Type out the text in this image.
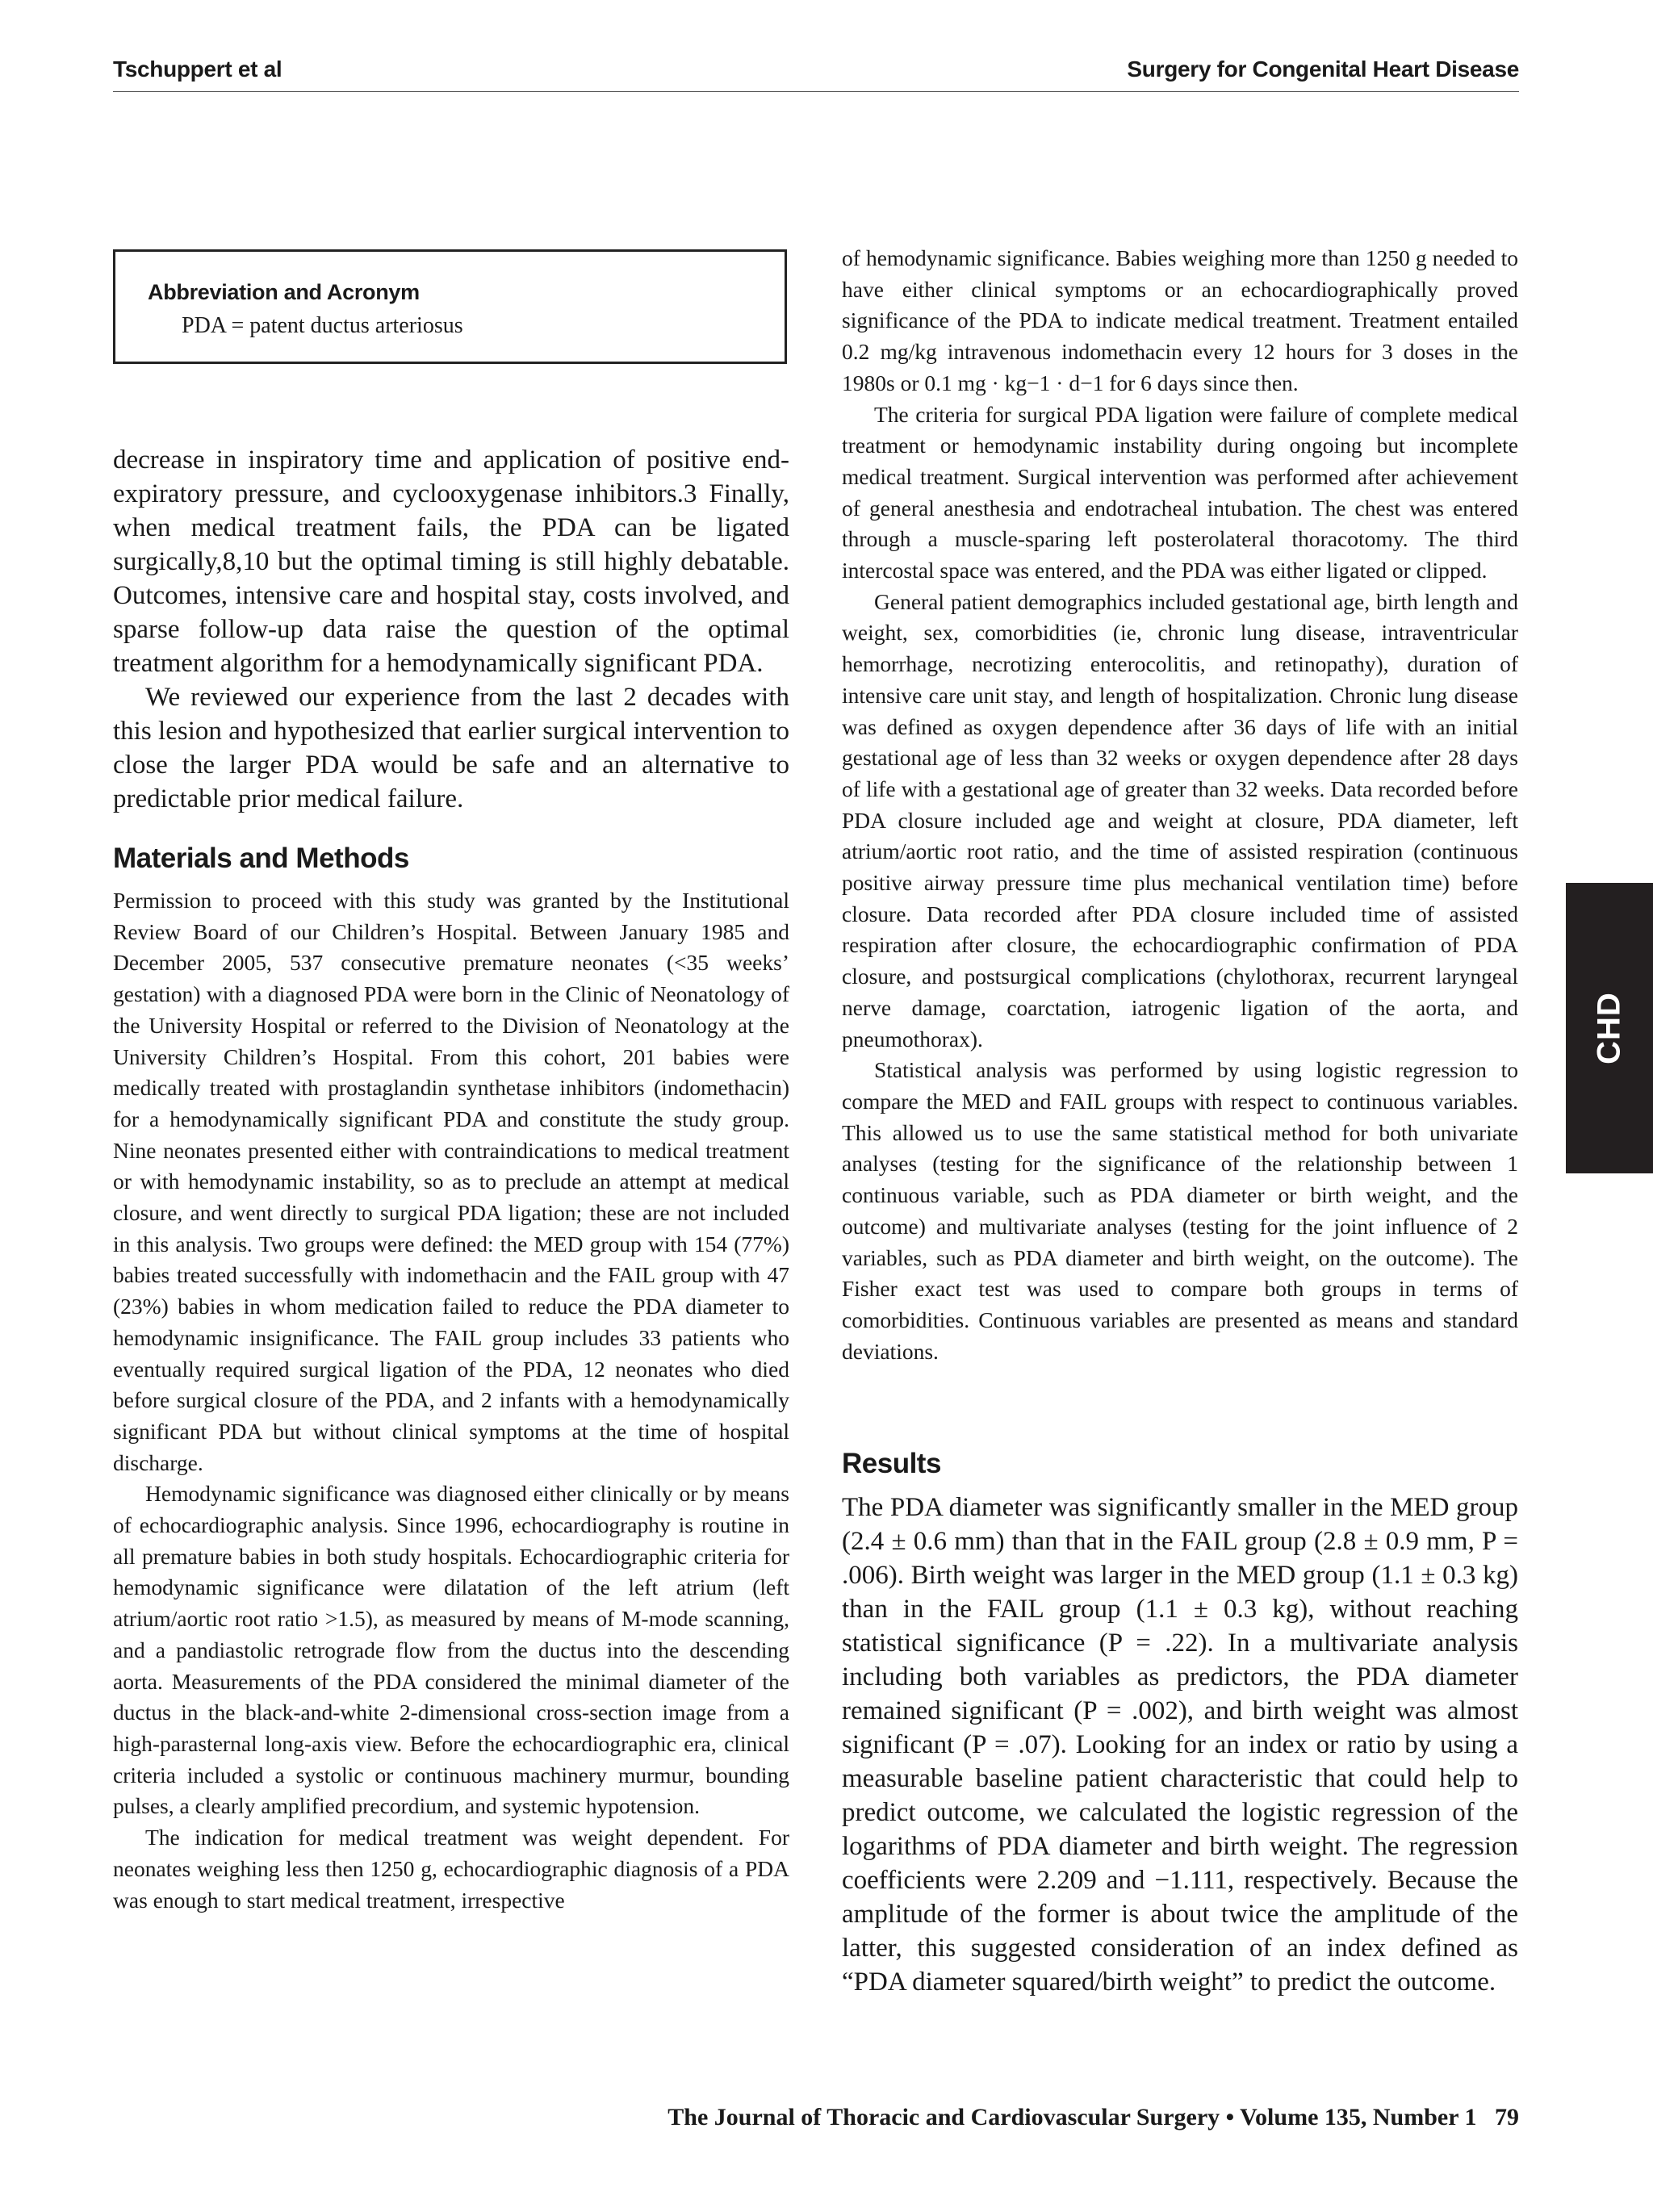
Tschuppert et al	Surgery for Congenital Heart Disease
Abbreviation and Acronym
PDA = patent ductus arteriosus

decrease in inspiratory time and application of positive end-expiratory pressure, and cyclooxygenase inhibitors.3 Finally, when medical treatment fails, the PDA can be ligated surgically,8,10 but the optimal timing is still highly debatable. Outcomes, intensive care and hospital stay, costs involved, and sparse follow-up data raise the question of the optimal treatment algorithm for a hemodynamically significant PDA.

We reviewed our experience from the last 2 decades with this lesion and hypothesized that earlier surgical intervention to close the larger PDA would be safe and an alternative to predictable prior medical failure.

Materials and Methods

Permission to proceed with this study was granted by the Institutional Review Board of our Children’s Hospital. Between January 1985 and December 2005, 537 consecutive premature neonates (<35 weeks’ gestation) with a diagnosed PDA were born in the Clinic of Neonatology of the University Hospital or referred to the Division of Neonatology at the University Children’s Hospital. From this cohort, 201 babies were medically treated with prostaglandin synthetase inhibitors (indomethacin) for a hemodynamically significant PDA and constitute the study group. Nine neonates presented either with contraindications to medical treatment or with hemodynamic instability, so as to preclude an attempt at medical closure, and went directly to surgical PDA ligation; these are not included in this analysis. Two groups were defined: the MED group with 154 (77%) babies treated successfully with indomethacin and the FAIL group with 47 (23%) babies in whom medication failed to reduce the PDA diameter to hemodynamic insignificance. The FAIL group includes 33 patients who eventually required surgical ligation of the PDA, 12 neonates who died before surgical closure of the PDA, and 2 infants with a hemodynamically significant PDA but without clinical symptoms at the time of hospital discharge.

Hemodynamic significance was diagnosed either clinically or by means of echocardiographic analysis. Since 1996, echocardiography is routine in all premature babies in both study hospitals. Echocardiographic criteria for hemodynamic significance were dilatation of the left atrium (left atrium/aortic root ratio >1.5), as measured by means of M-mode scanning, and a pandiastolic retrograde flow from the ductus into the descending aorta. Measurements of the PDA considered the minimal diameter of the ductus in the black-and-white 2-dimensional cross-section image from a high-parasternal long-axis view. Before the echocardiographic era, clinical criteria included a systolic or continuous machinery murmur, bounding pulses, a clearly amplified precordium, and systemic hypotension.

The indication for medical treatment was weight dependent. For neonates weighing less then 1250 g, echocardiographic diagnosis of a PDA was enough to start medical treatment, irrespective

of hemodynamic significance. Babies weighing more than 1250 g needed to have either clinical symptoms or an echocardiographically proved significance of the PDA to indicate medical treatment. Treatment entailed 0.2 mg/kg intravenous indomethacin every 12 hours for 3 doses in the 1980s or 0.1 mg · kg−1 · d−1 for 6 days since then.

The criteria for surgical PDA ligation were failure of complete medical treatment or hemodynamic instability during ongoing but incomplete medical treatment. Surgical intervention was performed after achievement of general anesthesia and endotracheal intubation. The chest was entered through a muscle-sparing left posterolateral thoracotomy. The third intercostal space was entered, and the PDA was either ligated or clipped.

General patient demographics included gestational age, birth length and weight, sex, comorbidities (ie, chronic lung disease, intraventricular hemorrhage, necrotizing enterocolitis, and retinopathy), duration of intensive care unit stay, and length of hospitalization. Chronic lung disease was defined as oxygen dependence after 36 days of life with an initial gestational age of less than 32 weeks or oxygen dependence after 28 days of life with a gestational age of greater than 32 weeks. Data recorded before PDA closure included age and weight at closure, PDA diameter, left atrium/aortic root ratio, and the time of assisted respiration (continuous positive airway pressure time plus mechanical ventilation time) before closure. Data recorded after PDA closure included time of assisted respiration after closure, the echocardiographic confirmation of PDA closure, and postsurgical complications (chylothorax, recurrent laryngeal nerve damage, coarctation, iatrogenic ligation of the aorta, and pneumothorax).

Statistical analysis was performed by using logistic regression to compare the MED and FAIL groups with respect to continuous variables. This allowed us to use the same statistical method for both univariate analyses (testing for the significance of the relationship between 1 continuous variable, such as PDA diameter or birth weight, and the outcome) and multivariate analyses (testing for the joint influence of 2 variables, such as PDA diameter and birth weight, on the outcome). The Fisher exact test was used to compare both groups in terms of comorbidities. Continuous variables are presented as means and standard deviations.

Results

The PDA diameter was significantly smaller in the MED group (2.4 ± 0.6 mm) than that in the FAIL group (2.8 ± 0.9 mm, P = .006). Birth weight was larger in the MED group (1.1 ± 0.3 kg) than in the FAIL group (1.1 ± 0.3 kg), without reaching statistical significance (P = .22). In a multivariate analysis including both variables as predictors, the PDA diameter remained significant (P = .002), and birth weight was almost significant (P = .07). Looking for an index or ratio by using a measurable baseline patient characteristic that could help to predict outcome, we calculated the logistic regression of the logarithms of PDA diameter and birth weight. The regression coefficients were 2.209 and −1.111, respectively. Because the amplitude of the former is about twice the amplitude of the latter, this suggested consideration of an index defined as “PDA diameter squared/birth weight” to predict the outcome.

CHD
The Journal of Thoracic and Cardiovascular Surgery • Volume 135, Number 1 79
